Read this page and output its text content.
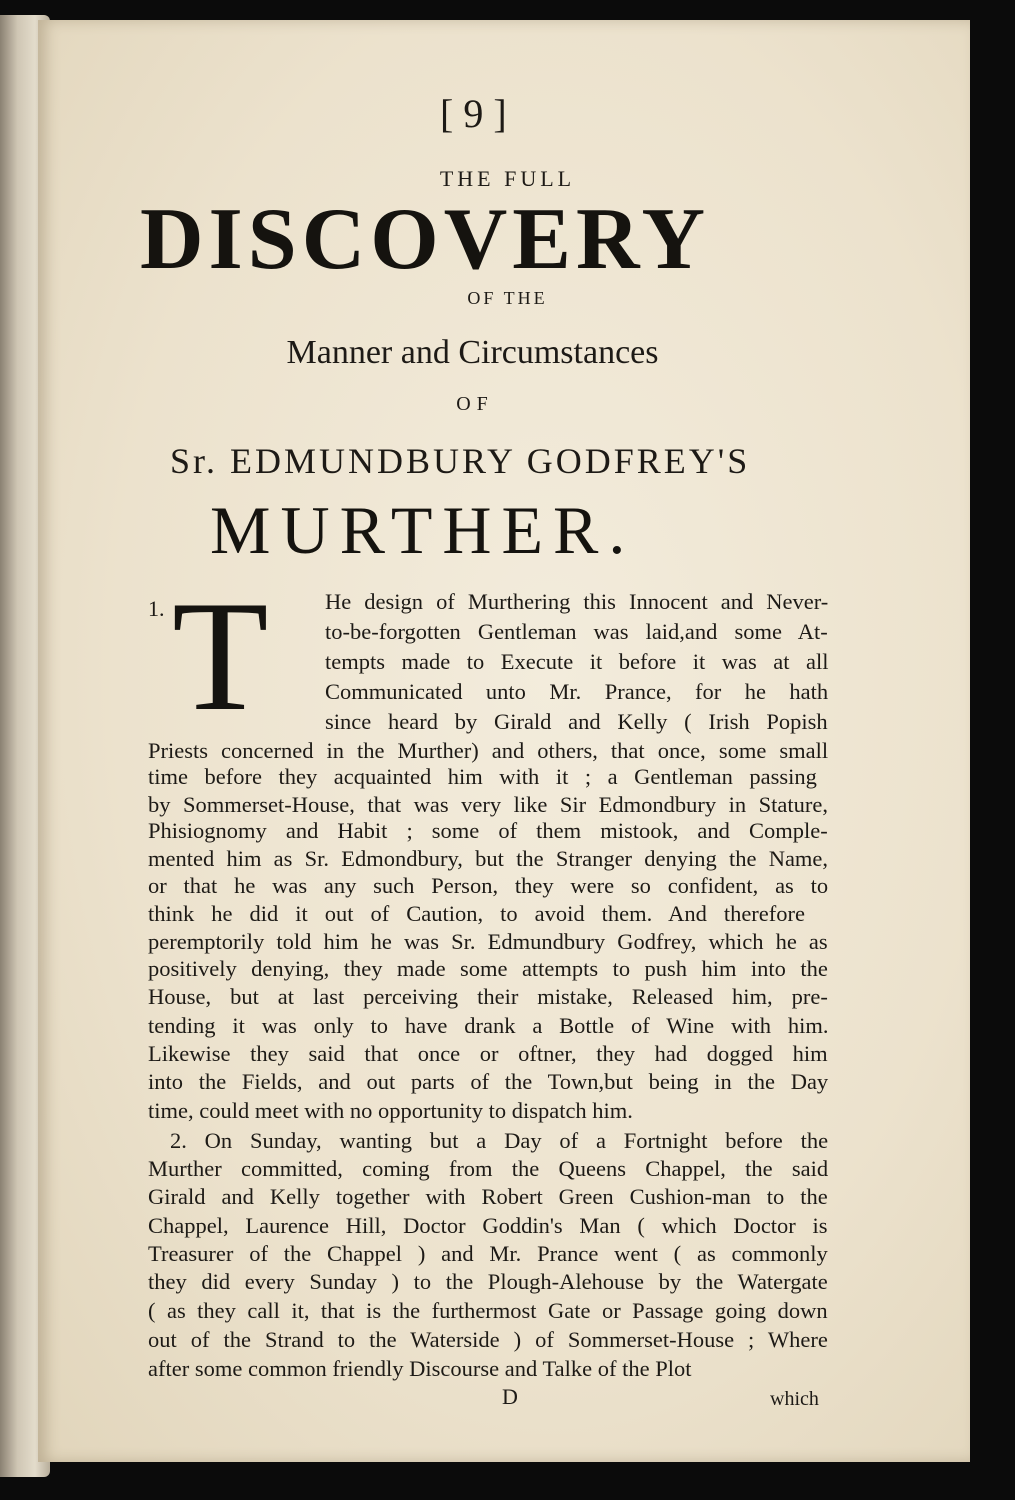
[ 9 ]
THE FULL
DISCOVERY
OF THE
Manner and Circumstances
OF
Sr. EDMUNDBURY GODFREY'S
MURTHER.
1. T	He design of Murthering this Innocent and Never-
to-be-forgotten Gentleman was laid,and some At-
tempts made to Execute it before it was at all
Communicated unto Mr. Prance, for he hath
since heard by Girald and Kelly ( Irish Popish
Priests concerned in the Murther) and others, that once, some small
time before they acquainted him with it ; a Gentleman passing
by Sommerset-House, that was very like Sir Edmondbury in Stature,
Phisiognomy and Habit ; some of them mistook, and Comple-
mented him as Sr. Edmondbury, but the Stranger denying the Name,
or that he was any such Person, they were so confident, as to
think he did it out of Caution, to avoid them. And therefore
peremptorily told him he was Sr. Edmundbury Godfrey, which he as
positively denying, they made some attempts to push him into the
House, but at last perceiving their mistake, Released him, pre-
tending it was only to have drank a Bottle of Wine with him.
Likewise they said that once or oftner, they had dogged him
into the Fields, and out parts of the Town,but being in the Day
time, could meet with no opportunity to dispatch him.
2. On Sunday, wanting but a Day of a Fortnight before the
Murther committed, coming from the Queens Chappel, the said
Girald and Kelly together with Robert Green Cushion-man to the
Chappel, Laurence Hill, Doctor Goddin's Man ( which Doctor is
Treasurer of the Chappel ) and Mr. Prance went ( as commonly
they did every Sunday ) to the Plough-Alehouse by the Watergate
( as they call it, that is the furthermost Gate or Passage going down
out of the Strand to the Waterside ) of Sommerset-House ; Where
after some common friendly Discourse and Talke of the Plot
D	which
